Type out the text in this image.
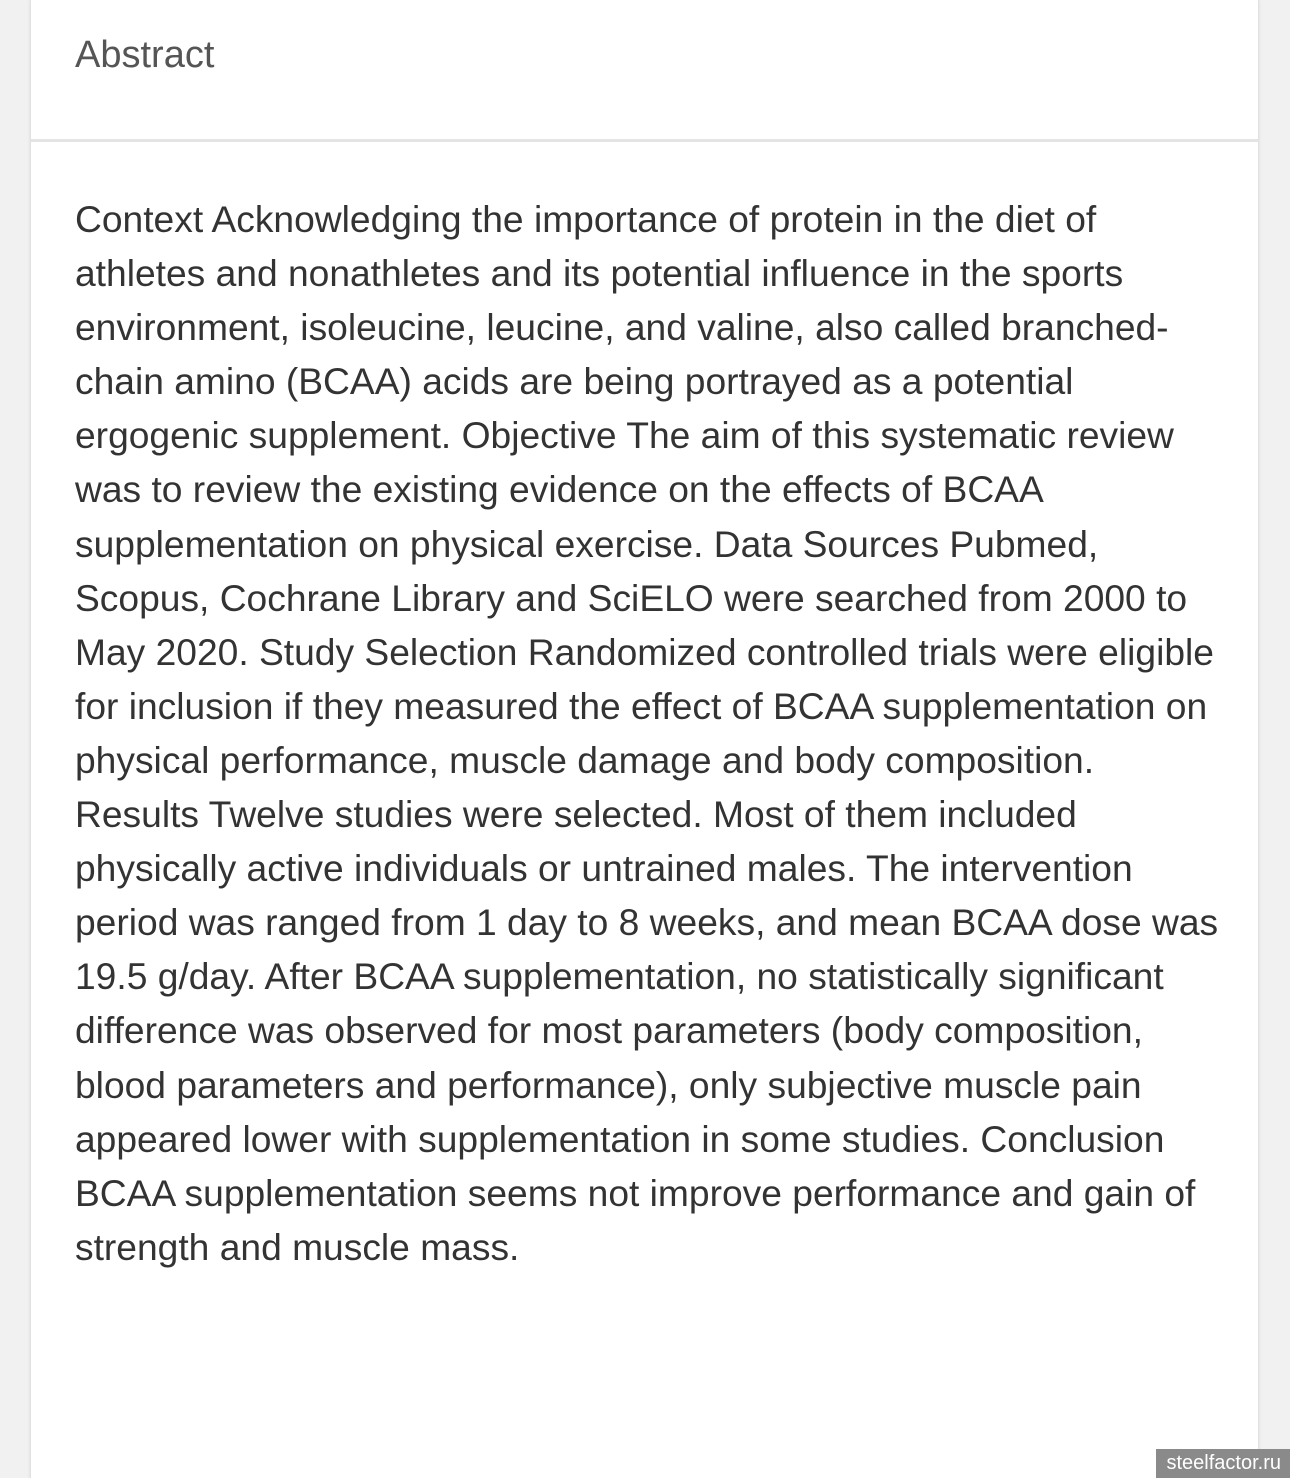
Abstract

Context Acknowledging the importance of protein in the diet of athletes and nonathletes and its potential influence in the sports environment, isoleucine, leucine, and valine, also called branched-chain amino (BCAA) acids are being portrayed as a potential ergogenic supplement. Objective The aim of this systematic review was to review the existing evidence on the effects of BCAA supplementation on physical exercise. Data Sources Pubmed, Scopus, Cochrane Library and SciELO were searched from 2000 to May 2020. Study Selection Randomized controlled trials were eligible for inclusion if they measured the effect of BCAA supplementation on physical performance, muscle damage and body composition. Results Twelve studies were selected. Most of them included physically active individuals or untrained males. The intervention period was ranged from 1 day to 8 weeks, and mean BCAA dose was 19.5 g/day. After BCAA supplementation, no statistically significant difference was observed for most parameters (body composition, blood parameters and performance), only subjective muscle pain appeared lower with supplementation in some studies. Conclusion BCAA supplementation seems not improve performance and gain of strength and muscle mass.

steelfactor.ru
